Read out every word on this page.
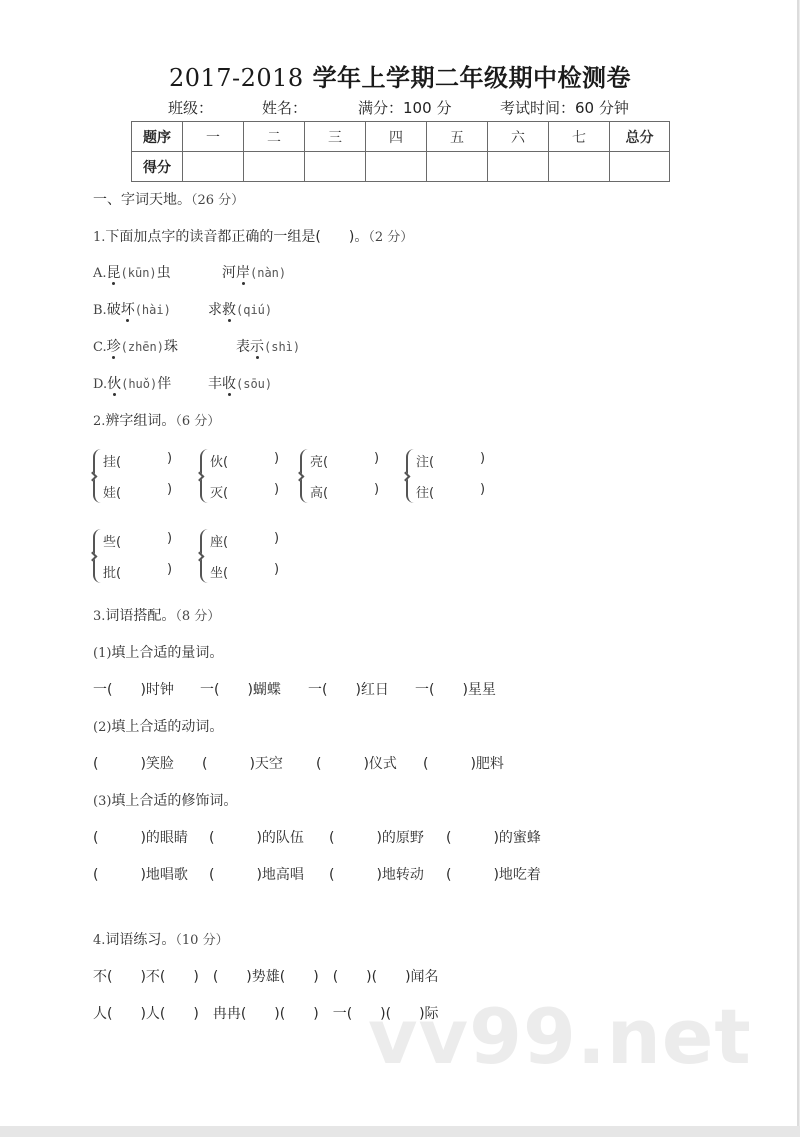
2017-2018 学年上学期二年级期中检测卷
班级：	姓名：	满分：100 分	考试时间：60 分钟
题序	一	二	三	四	五	六	七	总分
得分								
一、字词天地。（26 分）
1.下面加点字的读音都正确的一组是(　　)。（2 分）
A.昆(kūn)虫	河岸(nàn)
B.破坏(hài)	求救(qiú)
C.珍(zhēn)珠	表示(shì)
D.伙(huǒ)伴	丰收(sōu)
2.辨字组词。（6 分）
挂(	)
娃(	)
伙(	)
灭(	)
亮(	)
高(	)
注(	)
往(	)
些(	)
批(	)
座(	)
坐(	)
3.词语搭配。（8 分）
(1)填上合适的量词。
一(　　)时钟 一(　　)蝴蝶 一(　　)红日 一(　　)星星
(2)填上合适的动词。
(　　　)笑脸 (　　　)天空 (　　　)仪式 (　　　)肥料
(3)填上合适的修饰词。
(　　　)的眼睛 (　　　)的队伍 (　　　)的原野 (　　　)的蜜蜂
(　　　)地唱歌 (　　　)地高唱 (　　　)地转动 (　　　)地吃着
4.词语练习。（10 分）
vv99.net
不(　　)不(　　)　(　　)势雄(　　)　(　　)(　　)闻名
人(　　)人(　　)　冉冉(　　)(　　)　一(　　)(　　)际
